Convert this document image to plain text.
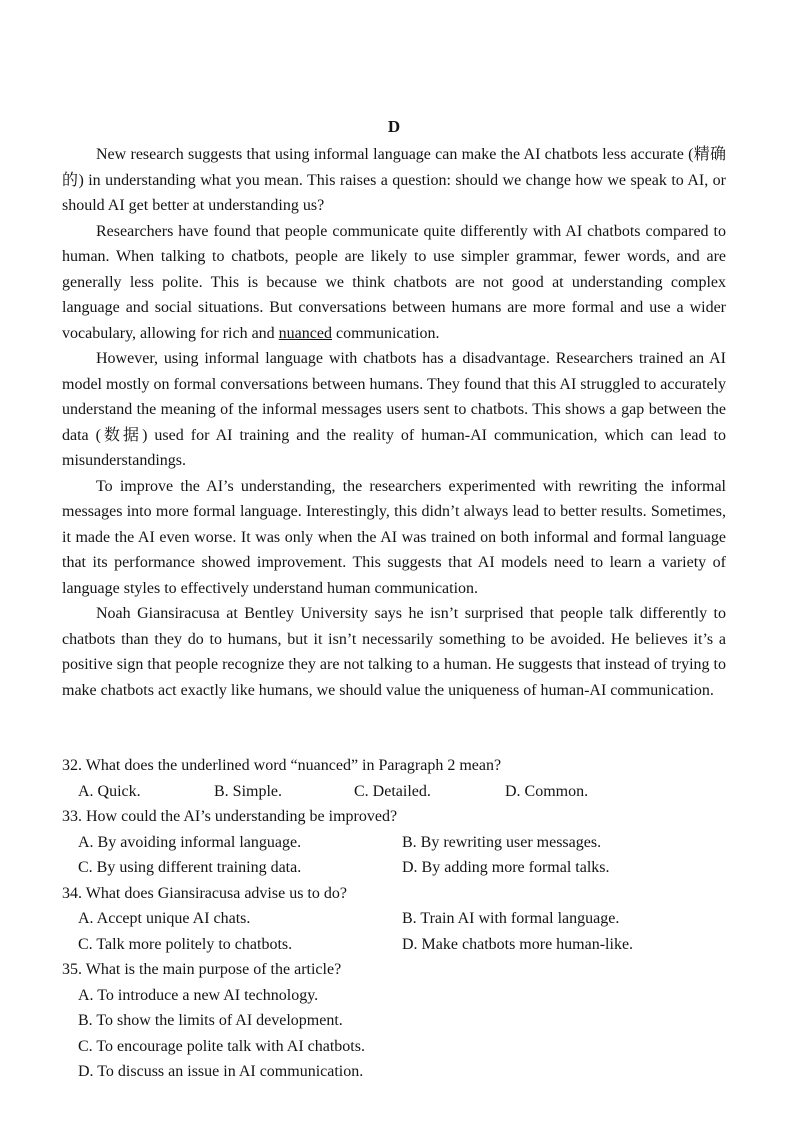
D

New research suggests that using informal language can make the AI chatbots less accurate (精确的) in understanding what you mean. This raises a question: should we change how we speak to AI, or should AI get better at understanding us?

Researchers have found that people communicate quite differently with AI chatbots compared to human. When talking to chatbots, people are likely to use simpler grammar, fewer words, and are generally less polite. This is because we think chatbots are not good at understanding complex language and social situations. But conversations between humans are more formal and use a wider vocabulary, allowing for rich and nuanced communication.

However, using informal language with chatbots has a disadvantage. Researchers trained an AI model mostly on formal conversations between humans. They found that this AI struggled to accurately understand the meaning of the informal messages users sent to chatbots. This shows a gap between the data (数据) used for AI training and the reality of human-AI communication, which can lead to misunderstandings.

To improve the AI’s understanding, the researchers experimented with rewriting the informal messages into more formal language. Interestingly, this didn’t always lead to better results. Sometimes, it made the AI even worse. It was only when the AI was trained on both informal and formal language that its performance showed improvement. This suggests that AI models need to learn a variety of language styles to effectively understand human communication.

Noah Giansiracusa at Bentley University says he isn’t surprised that people talk differently to chatbots than they do to humans, but it isn’t necessarily something to be avoided. He believes it’s a positive sign that people recognize they are not talking to a human. He suggests that instead of trying to make chatbots act exactly like humans, we should value the uniqueness of human-AI communication.

32. What does the underlined word “nuanced” in Paragraph 2 mean?
A. Quick.	B. Simple.	C. Detailed.	D. Common.
33. How could the AI’s understanding be improved?
A. By avoiding informal language.	B. By rewriting user messages.
C. By using different training data.	D. By adding more formal talks.
34. What does Giansiracusa advise us to do?
A. Accept unique AI chats.	B. Train AI with formal language.
C. Talk more politely to chatbots.	D. Make chatbots more human-like.
35. What is the main purpose of the article?
A. To introduce a new AI technology.
B. To show the limits of AI development.
C. To encourage polite talk with AI chatbots.
D. To discuss an issue in AI communication.
